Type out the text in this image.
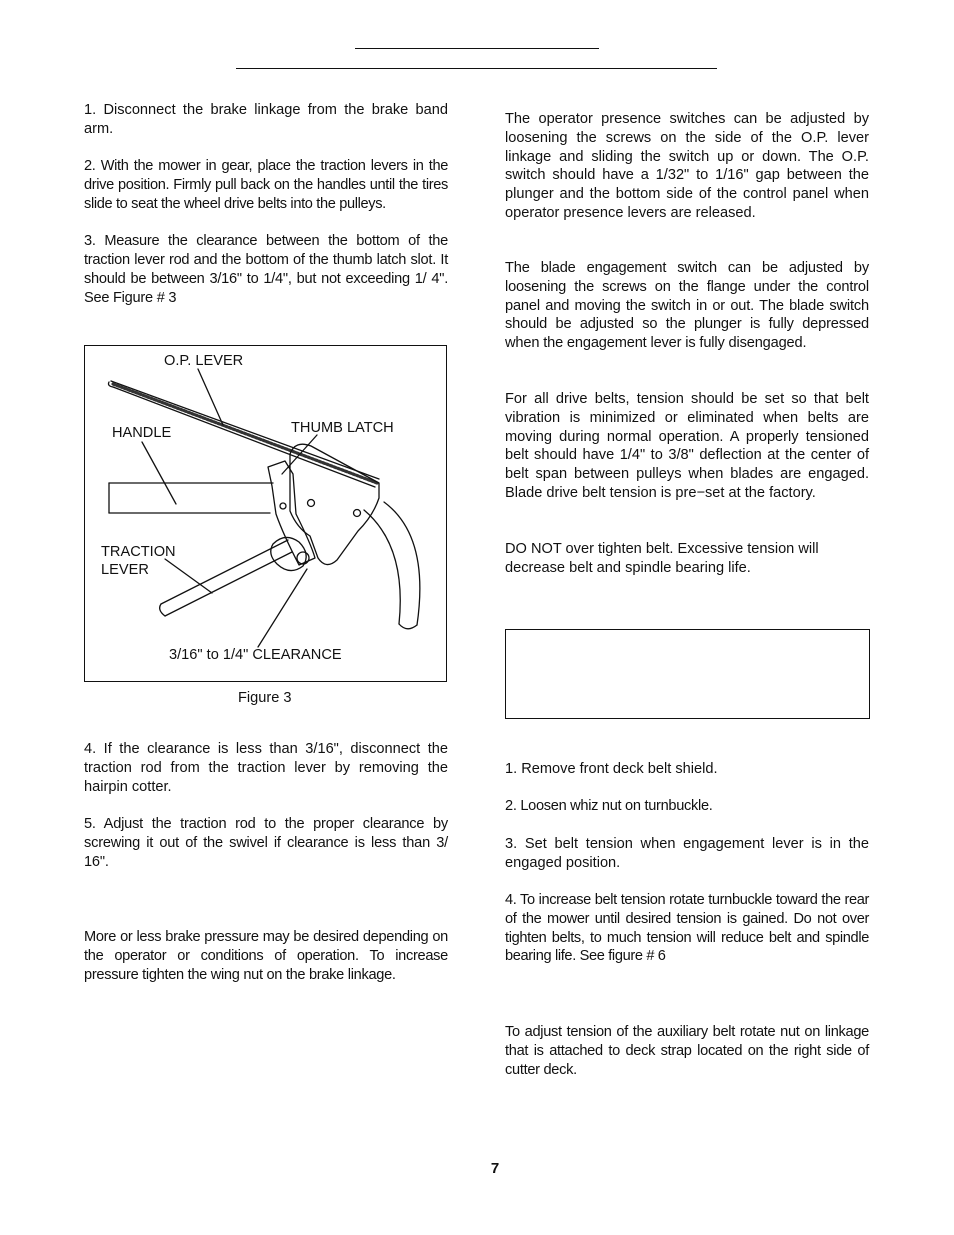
1. Disconnect the brake linkage from the brake band arm.

2. With the mower in gear, place the traction levers in the drive position. Firmly pull back on the handles until the tires slide to seat the wheel drive belts into the pulleys.

3. Measure the clearance between the bottom of the traction lever rod and the bottom of the thumb latch slot. It should be between 3/16" to 1/4", but not exceeding 1/ 4". See Figure # 3

O.P. LEVER
HANDLE	THUMB LATCH
TRACTION
LEVER
3/16" to 1/4" CLEARANCE
Figure 3

4. If the clearance is less than 3/16", disconnect the traction rod from the traction lever by removing the hairpin cotter.

5. Adjust the traction rod to the proper clearance by screwing it out of the swivel if clearance is less than 3/ 16".

More or less brake pressure may be desired depending on the operator or conditions of operation. To increase pressure tighten the wing nut on the brake linkage.

The operator presence switches can be adjusted by loosening the screws on the side of the O.P. lever linkage and sliding the switch up or down. The O.P. switch should have a 1/32" to 1/16" gap between the plunger and the bottom side of the control panel when operator presence levers are released.

The blade engagement switch can be adjusted by loosening the screws on the flange under the control panel and moving the switch in or out. The blade switch should be adjusted so the plunger is fully depressed when the engagement lever is fully disengaged.

For all drive belts, tension should be set so that belt vibration is minimized or eliminated when belts are moving during normal operation. A properly tensioned belt should have 1/4" to 3/8" deflection at the center of belt span between pulleys when blades are engaged. Blade drive belt tension is pre−set at the factory.

DO NOT over tighten belt. Excessive tension will decrease belt and spindle bearing life.

1. Remove front deck belt shield.

2. Loosen whiz nut on turnbuckle.

3. Set belt tension when engagement lever is in the engaged position.

4. To increase belt tension rotate turnbuckle toward the rear of the mower until desired tension is gained. Do not over tighten belts, to much tension will reduce belt and spindle bearing life. See figure # 6

To adjust tension of the auxiliary belt rotate nut on linkage that is attached to deck strap located on the right side of cutter deck.

7
